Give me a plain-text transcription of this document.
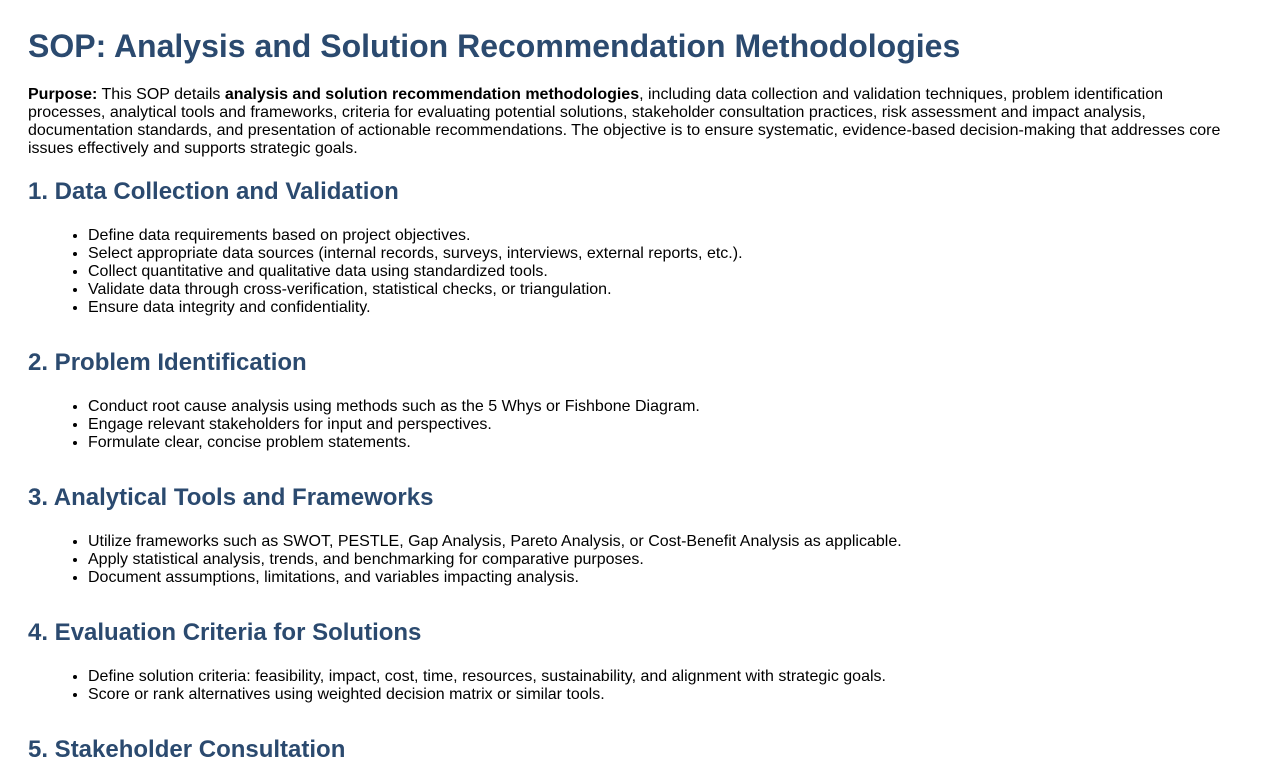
SOP: Analysis and Solution Recommendation Methodologies

Purpose: This SOP details analysis and solution recommendation methodologies, including data collection and validation techniques, problem identification processes, analytical tools and frameworks, criteria for evaluating potential solutions, stakeholder consultation practices, risk assessment and impact analysis, documentation standards, and presentation of actionable recommendations. The objective is to ensure systematic, evidence-based decision-making that addresses core issues effectively and supports strategic goals.

1. Data Collection and Validation
• Define data requirements based on project objectives.
• Select appropriate data sources (internal records, surveys, interviews, external reports, etc.).
• Collect quantitative and qualitative data using standardized tools.
• Validate data through cross-verification, statistical checks, or triangulation.
• Ensure data integrity and confidentiality.
2. Problem Identification
• Conduct root cause analysis using methods such as the 5 Whys or Fishbone Diagram.
• Engage relevant stakeholders for input and perspectives.
• Formulate clear, concise problem statements.
3. Analytical Tools and Frameworks
• Utilize frameworks such as SWOT, PESTLE, Gap Analysis, Pareto Analysis, or Cost-Benefit Analysis as applicable.
• Apply statistical analysis, trends, and benchmarking for comparative purposes.
• Document assumptions, limitations, and variables impacting analysis.
4. Evaluation Criteria for Solutions
• Define solution criteria: feasibility, impact, cost, time, resources, sustainability, and alignment with strategic goals.
• Score or rank alternatives using weighted decision matrix or similar tools.
5. Stakeholder Consultation
